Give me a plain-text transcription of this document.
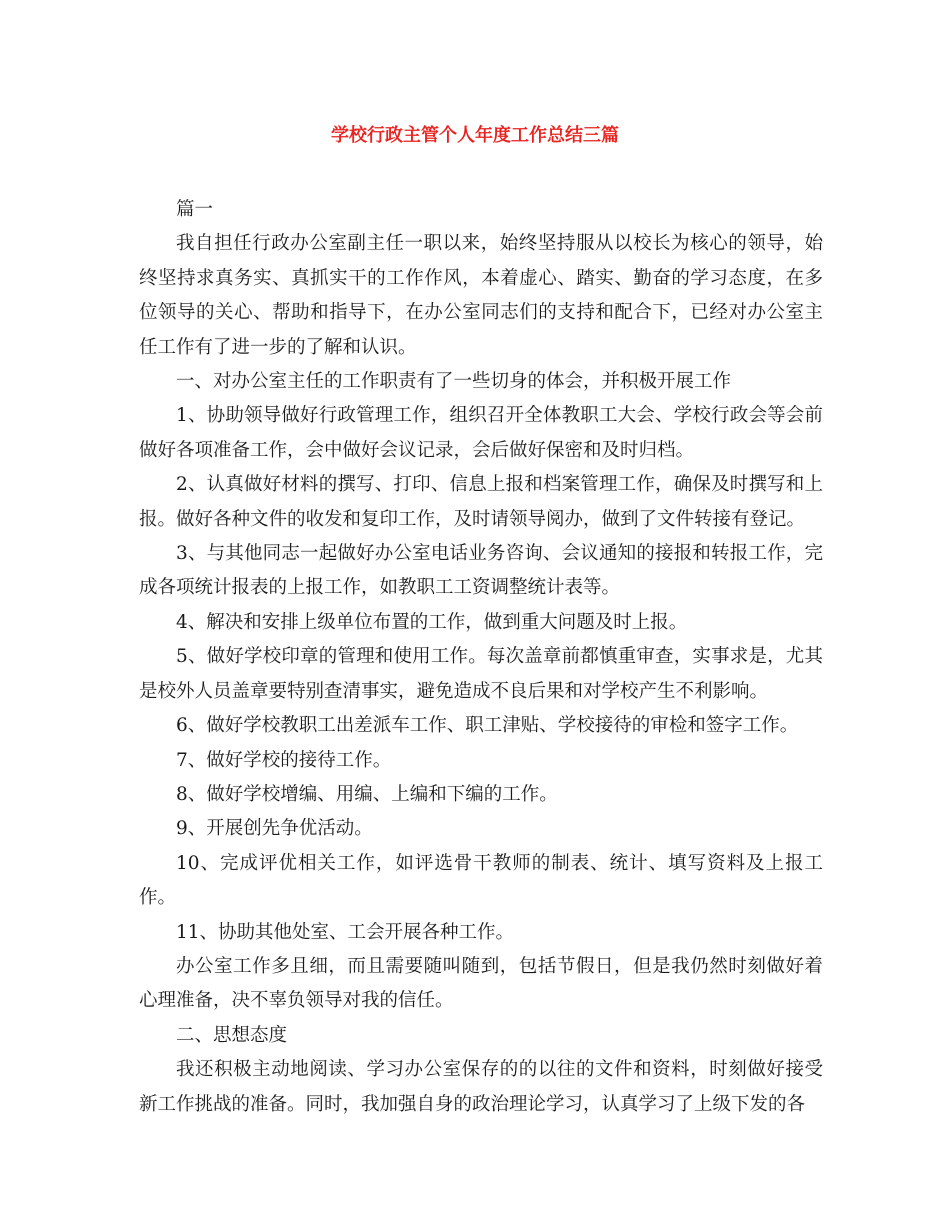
学校行政主管个人年度工作总结三篇

篇一

我自担任行政办公室副主任一职以来，始终坚持服从以校长为核心的领导，始终坚持求真务实、真抓实干的工作作风，本着虚心、踏实、勤奋的学习态度，在多位领导的关心、帮助和指导下，在办公室同志们的支持和配合下，已经对办公室主任工作有了进一步的了解和认识。

一、对办公室主任的工作职责有了一些切身的体会，并积极开展工作

1、协助领导做好行政管理工作，组织召开全体教职工大会、学校行政会等会前做好各项准备工作，会中做好会议记录，会后做好保密和及时归档。

2、认真做好材料的撰写、打印、信息上报和档案管理工作，确保及时撰写和上报。做好各种文件的收发和复印工作，及时请领导阅办，做到了文件转接有登记。

3、与其他同志一起做好办公室电话业务咨询、会议通知的接报和转报工作，完成各项统计报表的上报工作，如教职工工资调整统计表等。

4、解决和安排上级单位布置的工作，做到重大问题及时上报。

5、做好学校印章的管理和使用工作。每次盖章前都慎重审查，实事求是，尤其是校外人员盖章要特别查清事实，避免造成不良后果和对学校产生不利影响。

6、做好学校教职工出差派车工作、职工津贴、学校接待的审检和签字工作。

7、做好学校的接待工作。

8、做好学校增编、用编、上编和下编的工作。

9、开展创先争优活动。

10、完成评优相关工作，如评选骨干教师的制表、统计、填写资料及上报工作。

11、协助其他处室、工会开展各种工作。

办公室工作多且细，而且需要随叫随到，包括节假日，但是我仍然时刻做好着心理准备，决不辜负领导对我的信任。

二、思想态度

我还积极主动地阅读、学习办公室保存的的以往的文件和资料，时刻做好接受新工作挑战的准备。同时，我加强自身的政治理论学习，认真学习了上级下发的各
